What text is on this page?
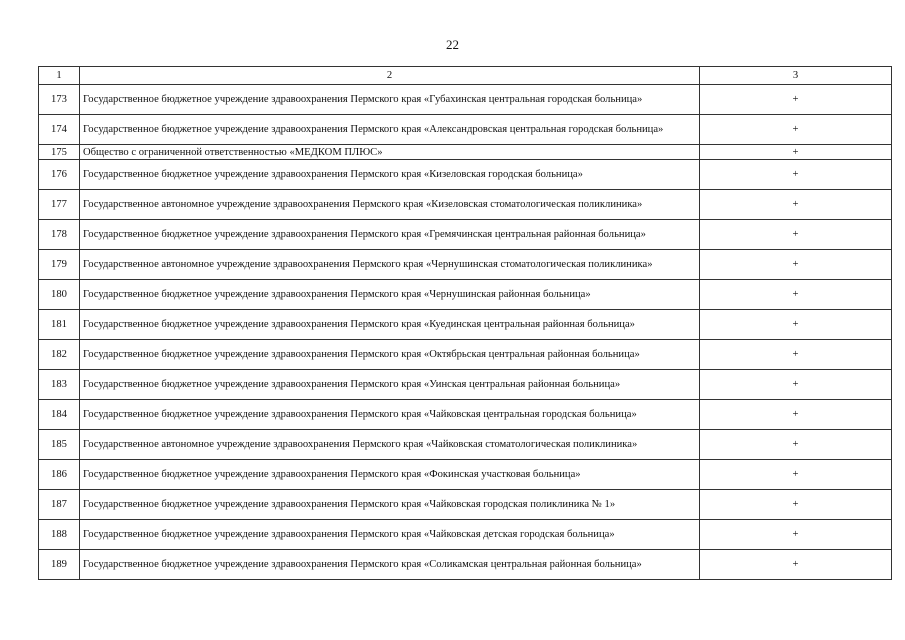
22
1	2	3
173	Государственное бюджетное учреждение здравоохранения Пермского края «Губахинская центральная городская больница»	+
174	Государственное бюджетное учреждение здравоохранения Пермского края «Александровская центральная городская больница»	+
175	Общество с ограниченной ответственностью «МЕДКОМ ПЛЮС»	+
176	Государственное бюджетное учреждение здравоохранения Пермского края «Кизеловская городская больница»	+
177	Государственное автономное учреждение здравоохранения Пермского края «Кизеловская стоматологическая поликлиника»	+
178	Государственное бюджетное учреждение здравоохранения Пермского края «Гремячинская центральная районная больница»	+
179	Государственное автономное учреждение здравоохранения Пермского края «Чернушинская стоматологическая поликлиника»	+
180	Государственное бюджетное учреждение здравоохранения Пермского края «Чернушинская районная больница»	+
181	Государственное бюджетное учреждение здравоохранения Пермского края «Куединская центральная районная больница»	+
182	Государственное бюджетное учреждение здравоохранения Пермского края «Октябрьская центральная районная больница»	+
183	Государственное бюджетное учреждение здравоохранения Пермского края «Уинская центральная районная больница»	+
184	Государственное бюджетное учреждение здравоохранения Пермского края «Чайковская центральная городская больница»	+
185	Государственное автономное учреждение здравоохранения Пермского края «Чайковская стоматологическая поликлиника»	+
186	Государственное бюджетное учреждение здравоохранения Пермского края «Фокинская участковая больница»	+
187	Государственное бюджетное учреждение здравоохранения Пермского края «Чайковская городская поликлиника № 1»	+
188	Государственное бюджетное учреждение здравоохранения Пермского края «Чайковская детская городская больница»	+
189	Государственное бюджетное учреждение здравоохранения Пермского края «Соликамская центральная районная больница»	+
